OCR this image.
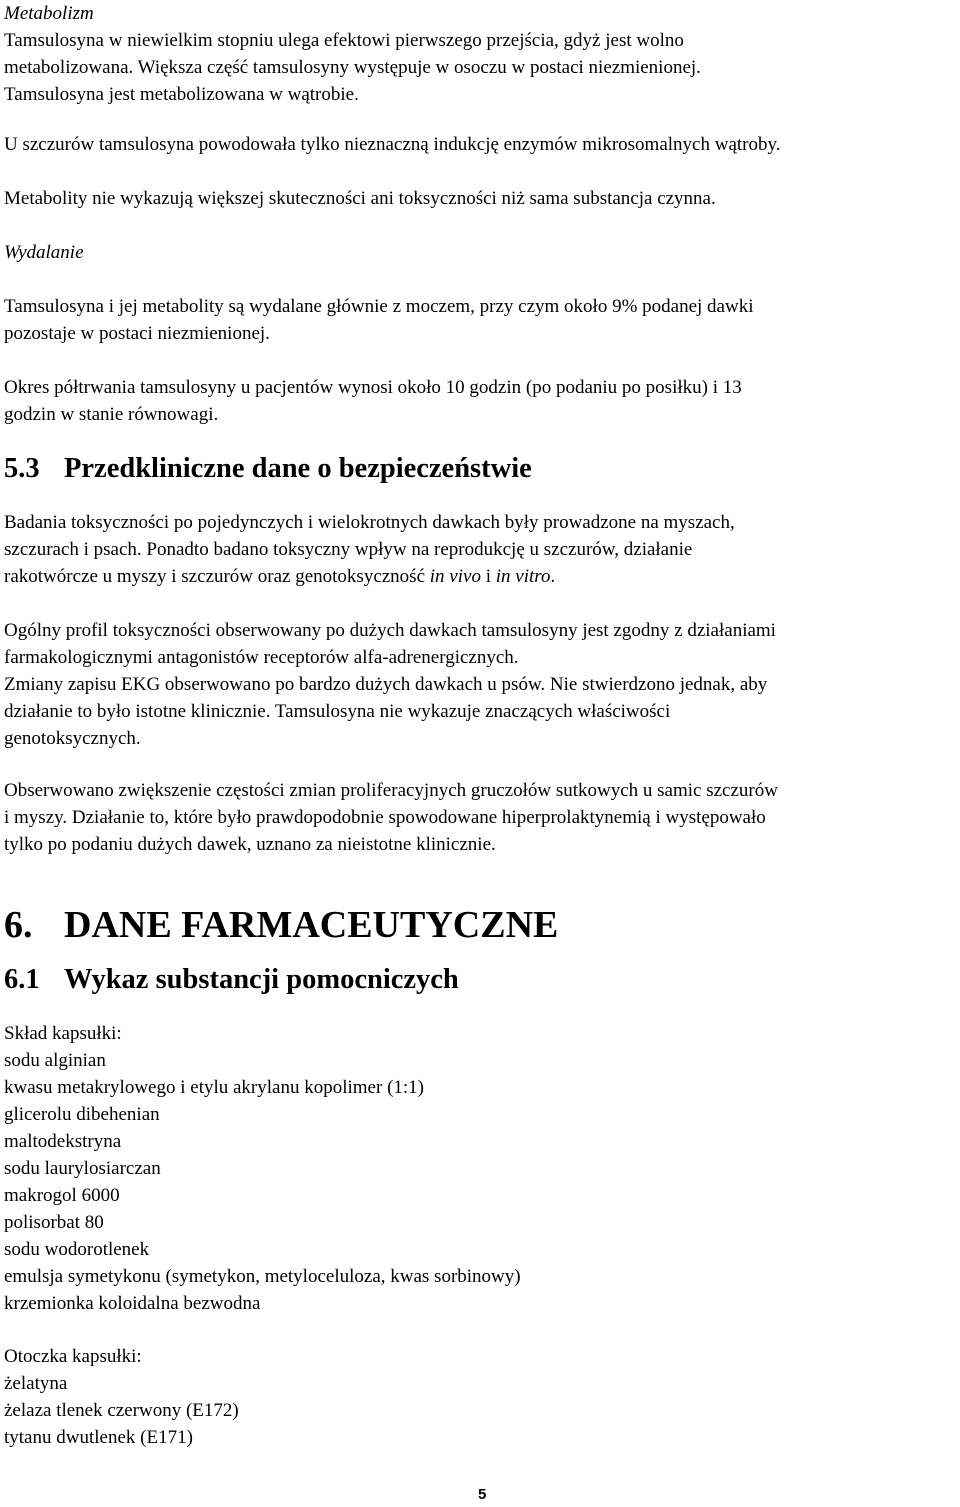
Metabolizm

Tamsulosyna w niewielkim stopniu ulega efektowi pierwszego przejścia, gdyż jest wolno
metabolizowana. Większa część tamsulosyny występuje w osoczu w postaci niezmienionej.
Tamsulosyna jest metabolizowana w wątrobie.

U szczurów tamsulosyna powodowała tylko nieznaczną indukcję enzymów mikrosomalnych wątroby.

Metabolity nie wykazują większej skuteczności ani toksyczności niż sama substancja czynna.

Wydalanie

Tamsulosyna i jej metabolity są wydalane głównie z moczem, przy czym około 9% podanej dawki
pozostaje w postaci niezmienionej.

Okres półtrwania tamsulosyny u pacjentów wynosi około 10 godzin (po podaniu po posiłku) i 13
godzin w stanie równowagi.

5.3 Przedkliniczne dane o bezpieczeństwie

Badania toksyczności po pojedynczych i wielokrotnych dawkach były prowadzone na myszach,
szczurach i psach. Ponadto badano toksyczny wpływ na reprodukcję u szczurów, działanie
rakotwórcze u myszy i szczurów oraz genotoksyczność in vivo i in vitro.

Ogólny profil toksyczności obserwowany po dużych dawkach tamsulosyny jest zgodny z działaniami
farmakologicznymi antagonistów receptorów alfa-adrenergicznych.
Zmiany zapisu EKG obserwowano po bardzo dużych dawkach u psów. Nie stwierdzono jednak, aby
działanie to było istotne klinicznie. Tamsulosyna nie wykazuje znaczących właściwości
genotoksycznych.

Obserwowano zwiększenie częstości zmian proliferacyjnych gruczołów sutkowych u samic szczurów
i myszy. Działanie to, które było prawdopodobnie spowodowane hiperprolaktynemią i występowało
tylko po podaniu dużych dawek, uznano za nieistotne klinicznie.

6. DANE FARMACEUTYCZNE
6.1 Wykaz substancji pomocniczych

Skład kapsułki:

sodu alginian

kwasu metakrylowego i etylu akrylanu kopolimer (1:1)

glicerolu dibehenian

maltodekstryna

sodu laurylosiarczan

makrogol 6000

polisorbat 80

sodu wodorotlenek

emulsja symetykonu (symetykon, metyloceluloza, kwas sorbinowy)

krzemionka koloidalna bezwodna

Otoczka kapsułki:

żelatyna

żelaza tlenek czerwony (E172)

tytanu dwutlenek (E171)

5
